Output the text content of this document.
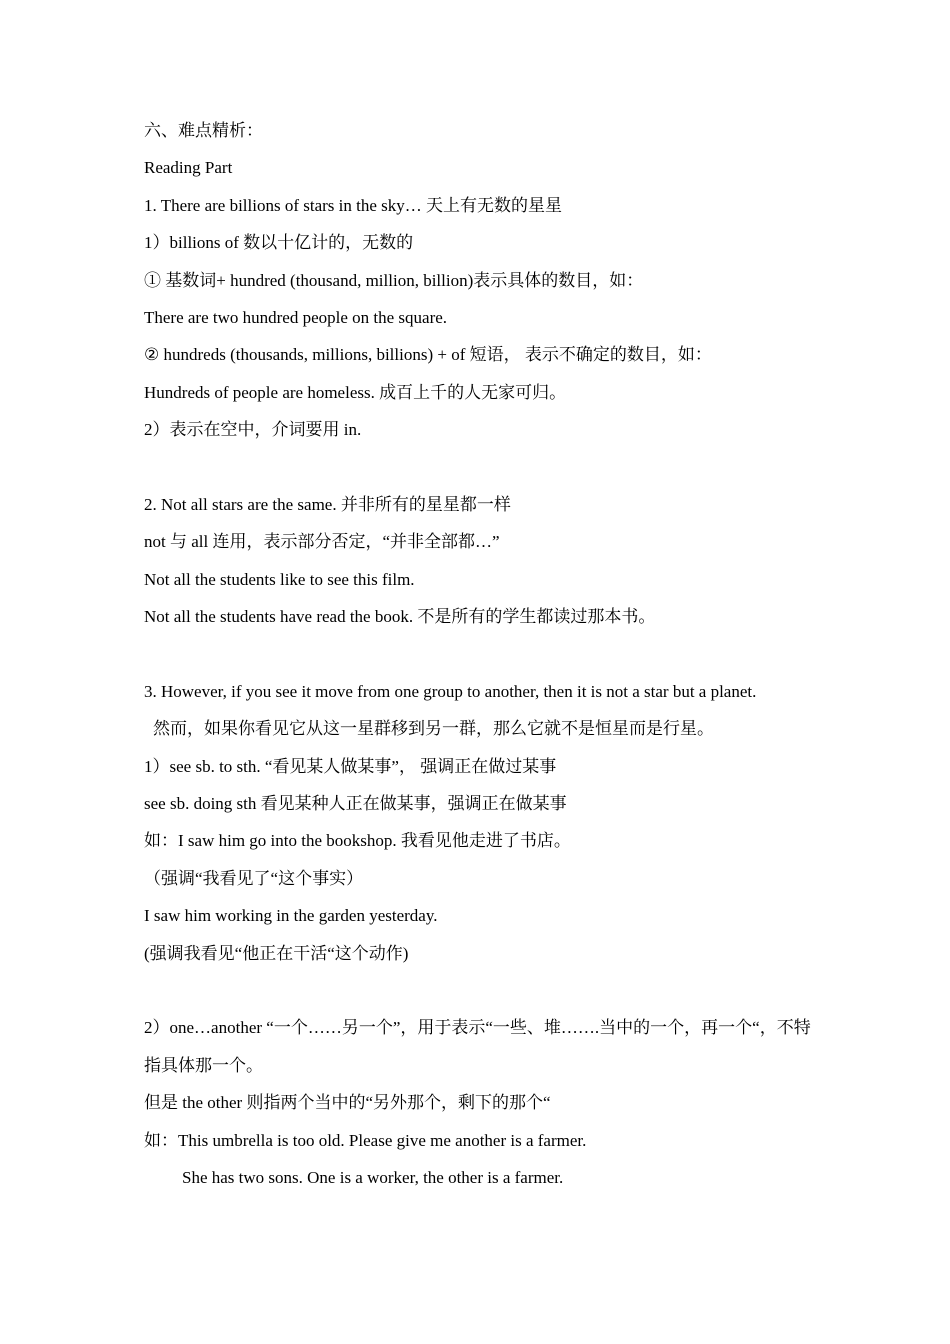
六、难点精析：
Reading Part
1. There are billions of stars in the sky… 天上有无数的星星
1）billions of 数以十亿计的，无数的
① 基数词+ hundred (thousand, million, billion)表示具体的数目，如：
There are two hundred people on the square.
② hundreds (thousands, millions, billions) + of 短语， 表示不确定的数目，如：
Hundreds of people are homeless. 成百上千的人无家可归。
2）表示在空中，介词要用 in.
2. Not all stars are the same. 并非所有的星星都一样
not 与 all 连用，表示部分否定，“并非全部都…”
Not all the students like to see this film.
Not all the students have read the book. 不是所有的学生都读过那本书。
3. However, if you see it move from one group to another, then it is not a star but a planet.
然而，如果你看见它从这一星群移到另一群，那么它就不是恒星而是行星。
1）see sb. to sth. “看见某人做某事”， 强调正在做过某事
see sb. doing sth 看见某种人正在做某事，强调正在做某事
如：I saw him go into the bookshop. 我看见他走进了书店。
（强调“我看见了“这个事实）
I saw him working in the garden yesterday.
(强调我看见“他正在干活“这个动作)
2）one…another “一个……另一个”，用于表示“一些、堆…….当中的一个，再一个“，不特指具体那一个。
但是 the other 则指两个当中的“另外那个，剩下的那个“
如：This umbrella is too old. Please give me another is a farmer.
She has two sons. One is a worker, the other is a farmer.
